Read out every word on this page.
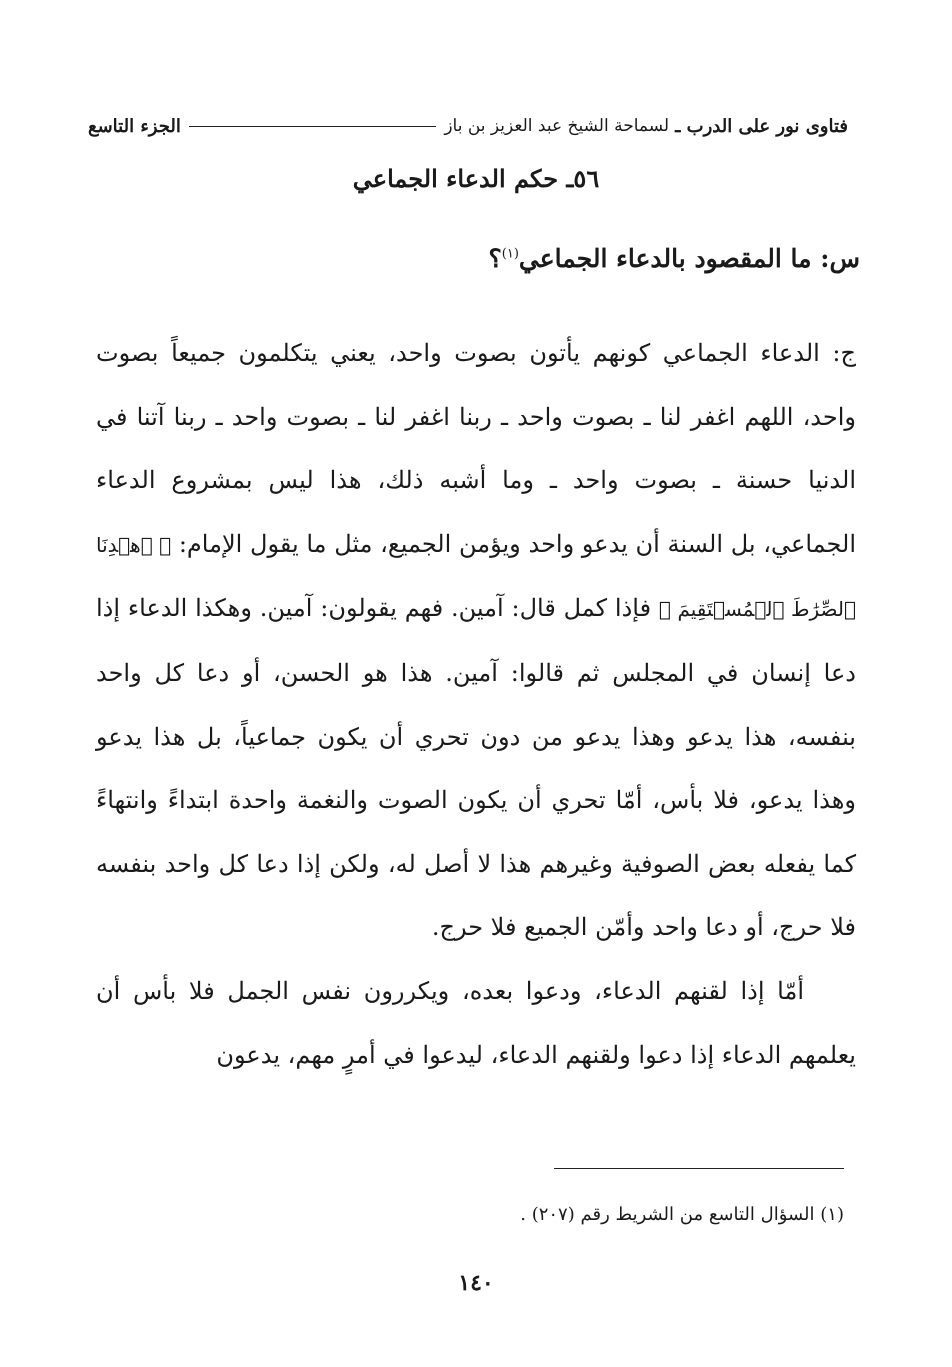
فتاوى نور على الدرب ـ
لسماحة الشيخ عبد العزيز بن باز
الجزء التاسع
٥٦ـ حكم الدعاء الجماعي
س: ما المقصود بالدعاء الجماعي$^{(١)}$؟

ج: الدعاء الجماعي كونهم يأتون بصوت واحد، يعني يتكلمون جميعاً بصوت واحد، اللهم اغفر لنا ـ بصوت واحد ـ ربنا اغفر لنا ـ بصوت واحد ـ ربنا آتنا في الدنيا حسنة ـ بصوت واحد ـ وما أشبه ذلك، هذا ليس بمشروع الدعاء الجماعي، بل السنة أن يدعو واحد ويؤمن الجميع، مثل ما يقول الإمام: ﴿ ٱهۡدِنَا ٱلصِّرَٰطَ ٱلۡمُسۡتَقِيمَ ﴾ فإذا كمل قال: آمين. فهم يقولون: آمين. وهكذا الدعاء إذا دعا إنسان في المجلس ثم قالوا: آمين. هذا هو الحسن، أو دعا كل واحد بنفسه، هذا يدعو وهذا يدعو من دون تحري أن يكون جماعياً، بل هذا يدعو وهذا يدعو، فلا بأس، أمّا تحري أن يكون الصوت والنغمة واحدة ابتداءً وانتهاءً كما يفعله بعض الصوفية وغيرهم هذا لا أصل له، ولكن إذا دعا كل واحد بنفسه فلا حرج، أو دعا واحد وأمّن الجميع فلا حرج.

أمّا إذا لقنهم الدعاء، ودعوا بعده، ويكررون نفس الجمل فلا بأس أن يعلمهم الدعاء إذا دعوا ولقنهم الدعاء، ليدعوا في أمرٍ مهم، يدعون

(١) السؤال التاسع من الشريط رقم (٢٠٧) .
١٤٠
